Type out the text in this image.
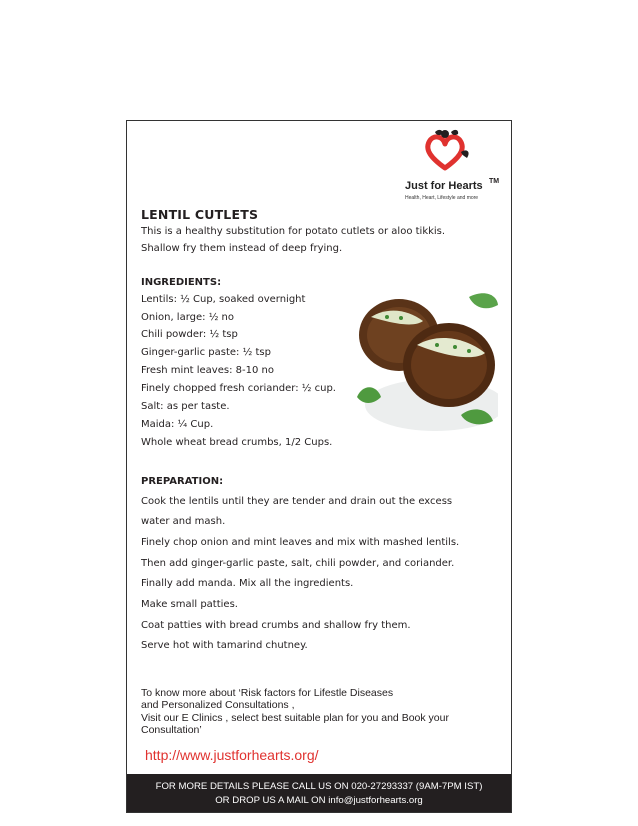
Just for Hearts TM
Health, Heart, Lifestyle and more
LENTIL CUTLETS
This is a healthy substitution for potato cutlets or aloo tikkis.
Shallow fry them instead of deep frying.
INGREDIENTS:
Lentils: ½ Cup, soaked overnight
Onion, large: ½ no
Chili powder: ½ tsp
Ginger-garlic paste: ½ tsp
Fresh mint leaves: 8-10 no
Finely chopped fresh coriander: ½ cup.
Salt: as per taste.
Maida: ¼ Cup.
Whole wheat bread crumbs, 1/2 Cups.
PREPARATION:
Cook the lentils until they are tender and drain out the excess
water and mash.
Finely chop onion and mint leaves and mix with mashed lentils.
Then add ginger-garlic paste, salt, chili powder, and coriander.
Finally add manda. Mix all the ingredients.
Make small patties.
Coat patties with bread crumbs and shallow fry them.
Serve hot with tamarind chutney.
To know more about ‘Risk factors for Lifestle Diseases
and Personalized Consultations ,
Visit our E Clinics , select best suitable plan for you and Book your
Consultation’
http://www.justforhearts.org/
FOR MORE DETAILS PLEASE CALL US ON 020-27293337 (9AM-7PM IST)
OR DROP US A MAIL ON info@justforhearts.org
